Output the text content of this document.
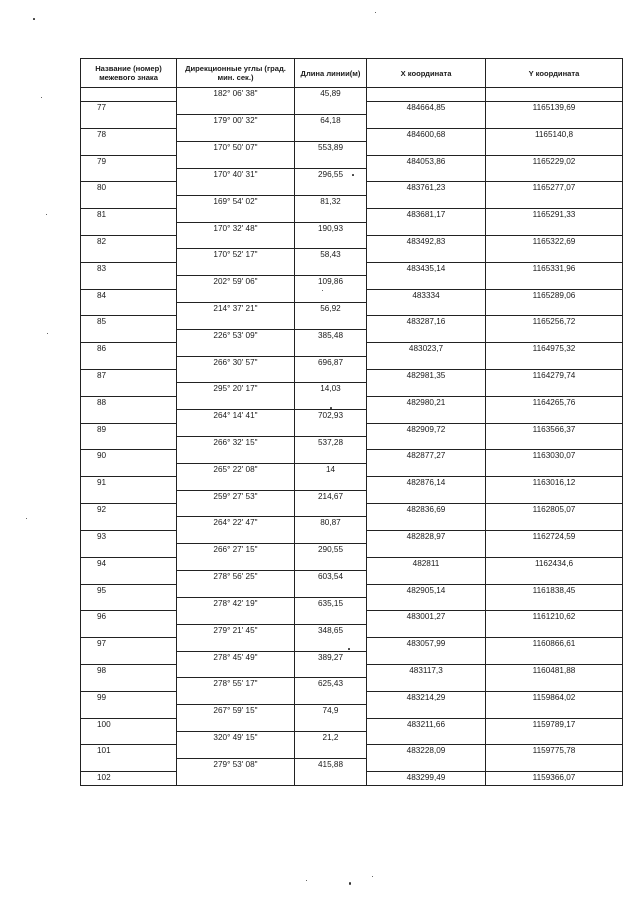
Название (номер) межевого знака	Дирекционные углы (град. мин. сек.)	Длина линии(м)	X координата	Y координата
	182° 06' 38"	45,89		
77			484664,85	1165139,69
	179° 00' 32"	64,18		
78			484600,68	1165140,8
	170° 50' 07"	553,89		
79			484053,86	1165229,02
	170° 40' 31"	296,55		
80			483761,23	1165277,07
	169° 54' 02"	81,32		
81			483681,17	1165291,33
	170° 32' 48"	190,93		
82			483492,83	1165322,69
	170° 52' 17"	58,43		
83			483435,14	1165331,96
	202° 59' 06"	109,86		
84			483334	1165289,06
	214° 37' 21"	56,92		
85			483287,16	1165256,72
	226° 53' 09"	385,48		
86			483023,7	1164975,32
	266° 30' 57"	696,87		
87			482981,35	1164279,74
	295° 20' 17"	14,03		
88			482980,21	1164265,76
	264° 14' 41"	702,93		
89			482909,72	1163566,37
	266° 32' 15"	537,28		
90			482877,27	1163030,07
	265° 22' 08"	14		
91			482876,14	1163016,12
	259° 27' 53"	214,67		
92			482836,69	1162805,07
	264° 22' 47"	80,87		
93			482828,97	1162724,59
	266° 27' 15"	290,55		
94			482811	1162434,6
	278° 56' 25"	603,54		
95			482905,14	1161838,45
	278° 42' 19"	635,15		
96			483001,27	1161210,62
	279° 21' 45"	348,65		
97			483057,99	1160866,61
	278° 45' 49"	389,27		
98			483117,3	1160481,88
	278° 55' 17"	625,43		
99			483214,29	1159864,02
	267° 59' 15"	74,9		
100			483211,66	1159789,17
	320° 49' 15"	21,2		
101			483228,09	1159775,78
	279° 53' 08"	415,88		
102			483299,49	1159366,07
